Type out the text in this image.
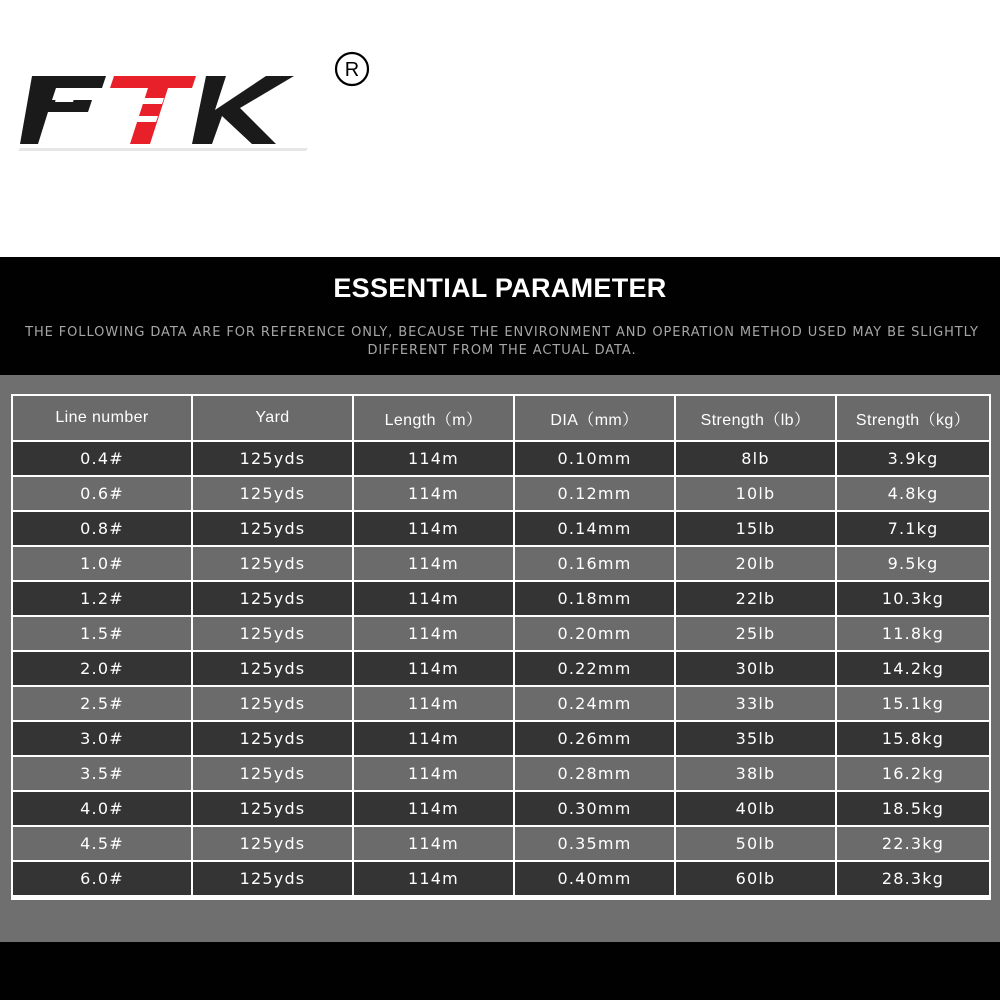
R
ESSENTIAL PARAMETER
THE FOLLOWING DATA ARE FOR REFERENCE ONLY, BECAUSE THE ENVIRONMENT AND OPERATION METHOD USED MAY BE SLIGHTLY DIFFERENT FROM THE ACTUAL DATA.
Line number	Yard	Length（m）	DIA（mm）	Strength（lb）	Strength（kg）
0.4#	125yds	114m	0.10mm	8lb	3.9kg
0.6#	125yds	114m	0.12mm	10lb	4.8kg
0.8#	125yds	114m	0.14mm	15lb	7.1kg
1.0#	125yds	114m	0.16mm	20lb	9.5kg
1.2#	125yds	114m	0.18mm	22lb	10.3kg
1.5#	125yds	114m	0.20mm	25lb	11.8kg
2.0#	125yds	114m	0.22mm	30lb	14.2kg
2.5#	125yds	114m	0.24mm	33lb	15.1kg
3.0#	125yds	114m	0.26mm	35lb	15.8kg
3.5#	125yds	114m	0.28mm	38lb	16.2kg
4.0#	125yds	114m	0.30mm	40lb	18.5kg
4.5#	125yds	114m	0.35mm	50lb	22.3kg
6.0#	125yds	114m	0.40mm	60lb	28.3kg
